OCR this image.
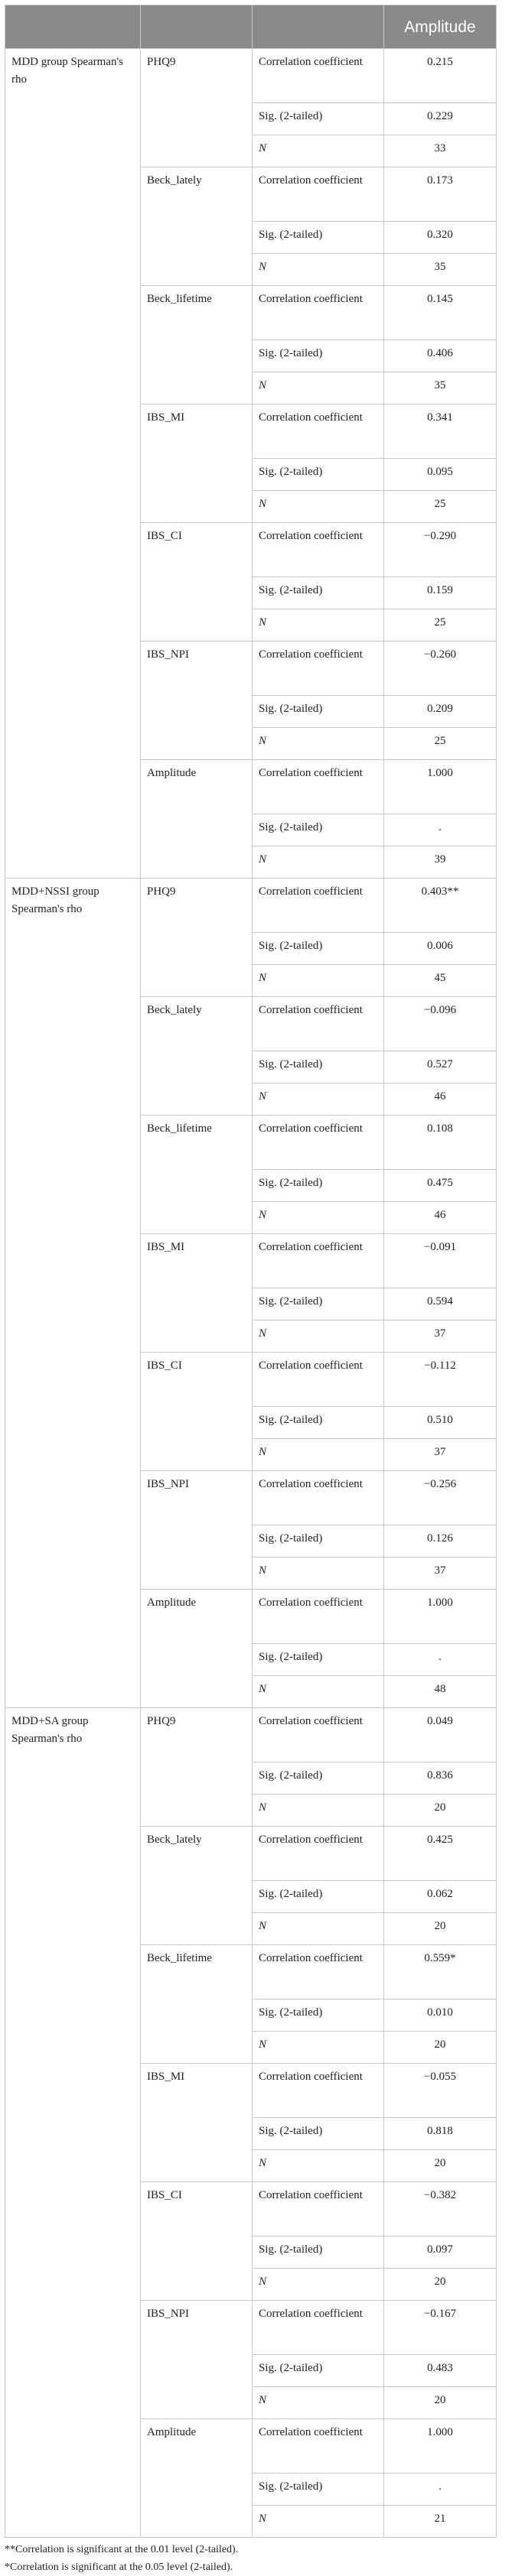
			Amplitude
MDD group Spearman's rho	PHQ9	Correlation coefficient	0.215
		Sig. (2-tailed)	0.229
		N	33
	Beck_lately	Correlation coefficient	0.173
		Sig. (2-tailed)	0.320
		N	35
	Beck_lifetime	Correlation coefficient	0.145
		Sig. (2-tailed)	0.406
		N	35
	IBS_MI	Correlation coefficient	0.341
		Sig. (2-tailed)	0.095
		N	25
	IBS_CI	Correlation coefficient	−0.290
		Sig. (2-tailed)	0.159
		N	25
	IBS_NPI	Correlation coefficient	−0.260
		Sig. (2-tailed)	0.209
		N	25
	Amplitude	Correlation coefficient	1.000
		Sig. (2-tailed)	.
		N	39
MDD+NSSI group Spearman's rho	PHQ9	Correlation coefficient	0.403**
		Sig. (2-tailed)	0.006
		N	45
	Beck_lately	Correlation coefficient	−0.096
		Sig. (2-tailed)	0.527
		N	46
	Beck_lifetime	Correlation coefficient	0.108
		Sig. (2-tailed)	0.475
		N	46
	IBS_MI	Correlation coefficient	−0.091
		Sig. (2-tailed)	0.594
		N	37
	IBS_CI	Correlation coefficient	−0.112
		Sig. (2-tailed)	0.510
		N	37
	IBS_NPI	Correlation coefficient	−0.256
		Sig. (2-tailed)	0.126
		N	37
	Amplitude	Correlation coefficient	1.000
		Sig. (2-tailed)	.
		N	48
MDD+SA group Spearman's rho	PHQ9	Correlation coefficient	0.049
		Sig. (2-tailed)	0.836
		N	20
	Beck_lately	Correlation coefficient	0.425
		Sig. (2-tailed)	0.062
		N	20
	Beck_lifetime	Correlation coefficient	0.559*
		Sig. (2-tailed)	0.010
		N	20
	IBS_MI	Correlation coefficient	−0.055
		Sig. (2-tailed)	0.818
		N	20
	IBS_CI	Correlation coefficient	−0.382
		Sig. (2-tailed)	0.097
		N	20
	IBS_NPI	Correlation coefficient	−0.167
		Sig. (2-tailed)	0.483
		N	20
	Amplitude	Correlation coefficient	1.000
		Sig. (2-tailed)	.
		N	21
**Correlation is significant at the 0.01 level (2-tailed).
*Correlation is significant at the 0.05 level (2-tailed).
